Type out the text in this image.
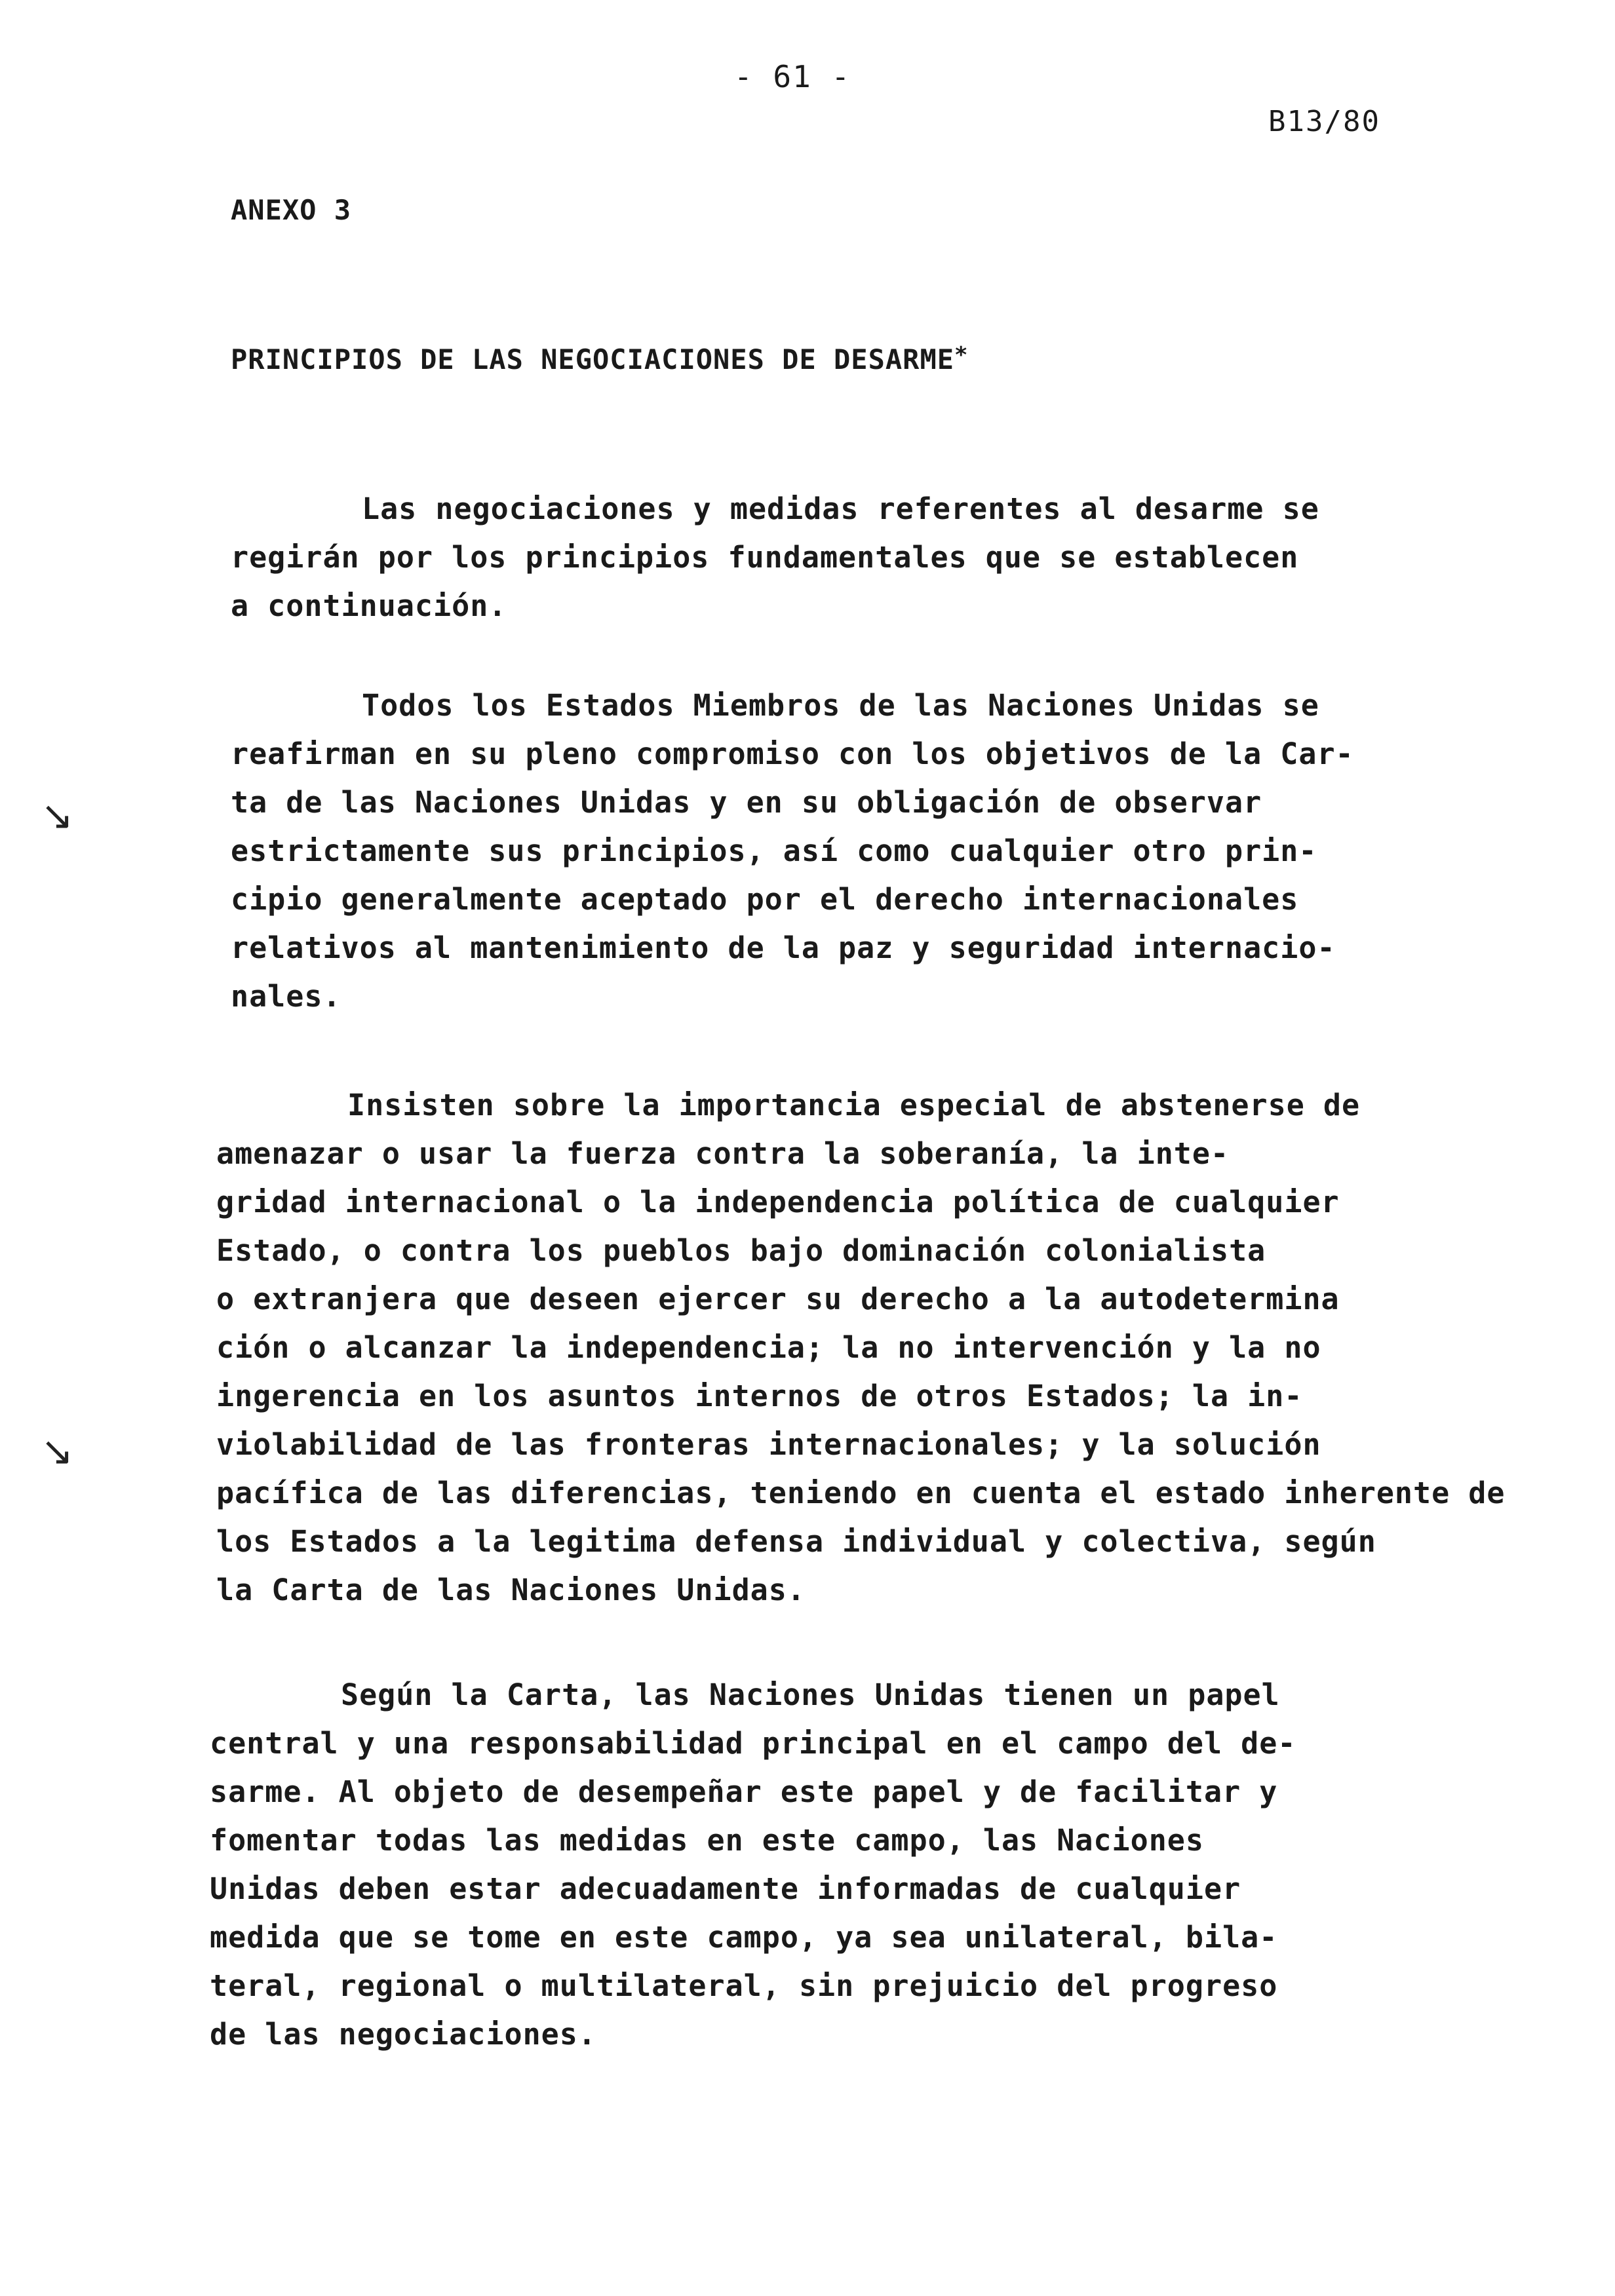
- 61 -
B13/80
ANEXO 3
PRINCIPIOS DE LAS NEGOCIACIONES DE DESARME*

Las negociaciones y medidas referentes al desarme se
regirán por los principios fundamentales que se establecen
a continuación.

Todos los Estados Miembros de las Naciones Unidas se
reafirman en su pleno compromiso con los objetivos de la Car-
ta de las Naciones Unidas y en su obligación de observar
estrictamente sus principios, así como cualquier otro prin-
cipio generalmente aceptado por el derecho internacionales
relativos al mantenimiento de la paz y seguridad internacio-
nales.

Insisten sobre la importancia especial de abstenerse de
amenazar o usar la fuerza contra la soberanía, la inte-
gridad internacional o la independencia política de cualquier
Estado, o contra los pueblos bajo dominación colonialista
o extranjera que deseen ejercer su derecho a la autodetermina
ción o alcanzar la independencia; la no intervención y la no
ingerencia en los asuntos internos de otros Estados; la in-
violabilidad de las fronteras internacionales; y la solución
pacífica de las diferencias, teniendo en cuenta el estado inherente de
los Estados a la legitima defensa individual y colectiva, según
la Carta de las Naciones Unidas.

Según la Carta, las Naciones Unidas tienen un papel
central y una responsabilidad principal en el campo del de-
sarme. Al objeto de desempeñar este papel y de facilitar y
fomentar todas las medidas en este campo, las Naciones
Unidas deben estar adecuadamente informadas de cualquier
medida que se tome en este campo, ya sea unilateral, bila-
teral, regional o multilateral, sin prejuicio del progreso
de las negociaciones.

↘
↘
